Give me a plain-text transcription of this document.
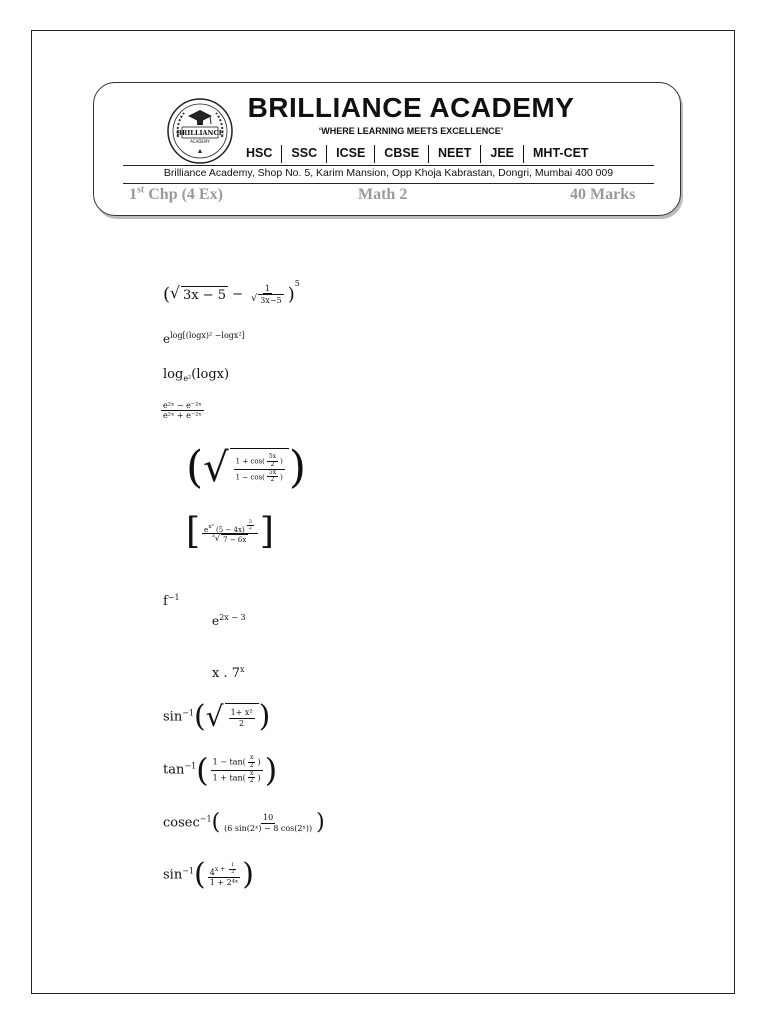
BRILLIANCE
ACADEMY
BRILLIANCE ACADEMY
‘WHERE LEARNING MEETS EXCELLENCE’
HSC	SSC	ICSE	CBSE	NEET	JEE	MHT-CET
Brilliance Academy, Shop No. 5, Karim Mansion, Opp Khoja Kabrastan, Dongri, Mumbai 400 009
1st Chp (4 Ex)	Math 2	40 Marks
( √ $3x - 5 - \frac{1}{√ 3x-5} )^5$
$e^{log[(logx)^2 -logx^2]}$
$\log_{e^2}(\log x)$
$\frac{\text{e²ˣ − e⁻²ˣ}}{\text{e²ˣ + e⁻²ˣ}}$
( √ $\frac{1 + \cos( \frac{5x}{2} )}{1 - \cos( \frac{5x}{2} )}$ )
[ $e^{x^2}$ (5 − 4x) $^{\frac{3}{2}}$
$^3$ √ 7 − 6x ]
$f^{-1}$
$e^{2x - 3}$
x . 7$^x$
$\sin^{-1}$( √ $\frac{\text{1+ x²}}{2}$ )
$\tan^{-1}( \frac{1 - \tan( \frac{x}{2} )}{1 + \tan( \frac{x}{2} )}$ )
$cosec^{-1}( \frac{10}{\text{(6 sin(2ˣ) − 8 cos(2ˣ))}}$ )
$\sin^{-1}$( $4^{x + \frac{1}{2}}$
1 + 2⁴ˣ )
